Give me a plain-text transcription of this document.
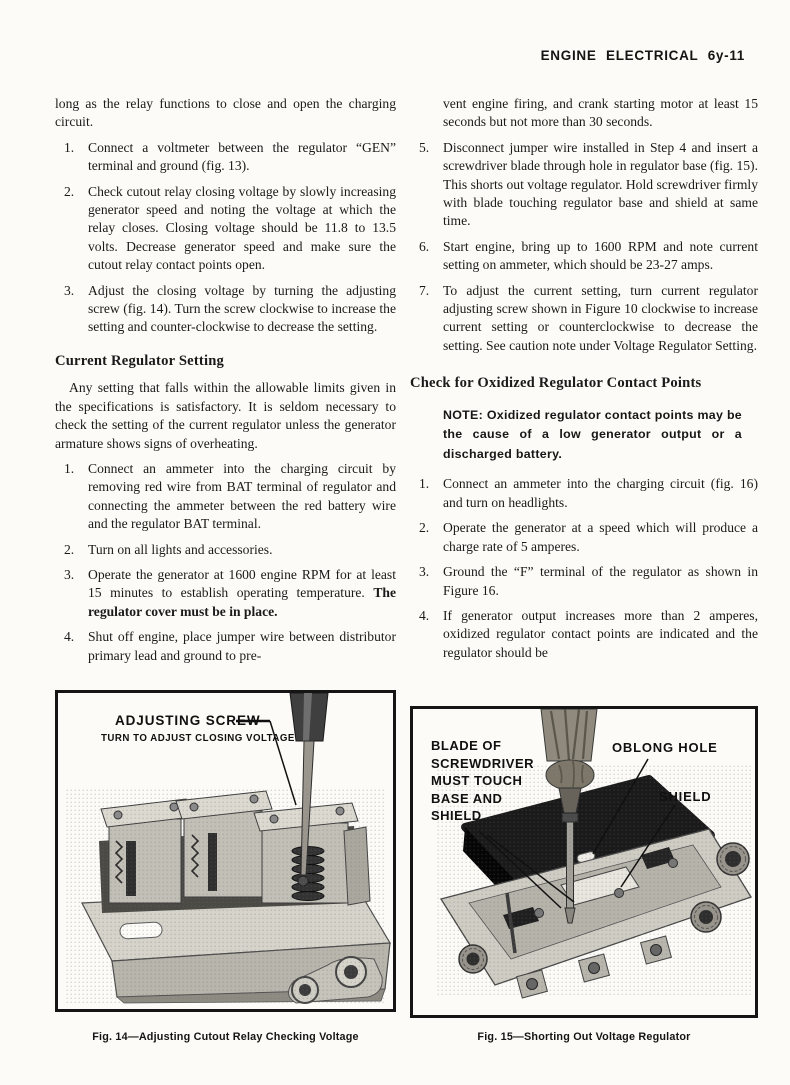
ENGINE ELECTRICAL 6y-11

long as the relay functions to close and open the charging circuit.

1.	Connect a voltmeter between the regulator “GEN” terminal and ground (fig. 13).
2.	Check cutout relay closing voltage by slowly increasing generator speed and noting the voltage at which the relay closes. Closing voltage should be 11.8 to 13.5 volts. Decrease generator speed and make sure the cutout relay contact points open.
3.	Adjust the closing voltage by turning the adjusting screw (fig. 14). Turn the screw clockwise to increase the setting and counter-clockwise to decrease the setting.
Current Regulator Setting

Any setting that falls within the allowable limits given in the specifications is satisfactory. It is seldom necessary to check the setting of the current regulator unless the generator armature shows signs of overheating.

1.	Connect an ammeter into the charging circuit by removing red wire from BAT terminal of regulator and connecting the ammeter between the red battery wire and the regulator BAT terminal.
2.	Turn on all lights and accessories.
3.	Operate the generator at 1600 engine RPM for at least 15 minutes to establish operating temperature. The regulator cover must be in place.
4.	Shut off engine, place jumper wire between distributor primary lead and ground to pre-

vent engine firing, and crank starting motor at least 15 seconds but not more than 30 seconds.

5.	Disconnect jumper wire installed in Step 4 and insert a screwdriver blade through hole in regulator base (fig. 15). This shorts out voltage regulator. Hold screwdriver firmly with blade touching regulator base and shield at same time.
6.	Start engine, bring up to 1600 RPM and note current setting on ammeter, which should be 23-27 amps.
7.	To adjust the current setting, turn current regulator adjusting screw shown in Figure 10 clockwise to increase current setting or counterclockwise to decrease the setting. See caution note under Voltage Regulator Setting.
Check for Oxidized Regulator Contact Points
NOTE: Oxidized regulator contact points may be the cause of a low generator output or a discharged battery.
1.	Connect an ammeter into the charging circuit (fig. 16) and turn on headlights.
2.	Operate the generator at a speed which will produce a charge rate of 5 amperes.
3.	Ground the “F” terminal of the regulator as shown in Figure 16.
4.	If generator output increases more than 2 amperes, oxidized regulator contact points are indicated and the regulator should be
ADJUSTING SCREW
TURN TO ADJUST CLOSING VOLTAGE
Fig. 14—Adjusting Cutout Relay Checking Voltage
BLADE OF
SCREWDRIVER
MUST TOUCH
BASE AND
SHIELD
OBLONG HOLE
SHIELD
Fig. 15—Shorting Out Voltage Regulator
